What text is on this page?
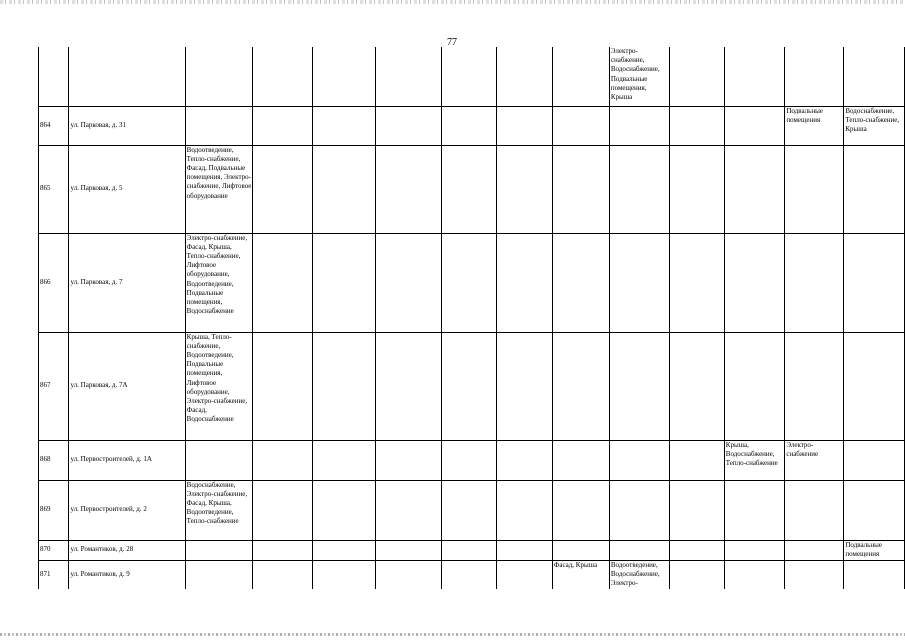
77
									Электро-снабжение, Водоснабжение, Подвальные помещения, Крыша				
864	ул. Парковая, д. 31											Подвальные помещения	Водоснабжение, Тепло-снабжение, Крыша
865	ул. Парковая, д. 5	Водоотведение, Тепло-снабжение, Фасад, Подвальные помещения, Электро-снабжение, Лифтовое оборудование											
866	ул. Парковая, д. 7	Электро-снабжение, Фасад, Крыша, Тепло-снабжение, Лифтовое оборудование, Водоотведение, Подвальные помещения, Водоснабжение											
867	ул. Парковая, д. 7А	Крыша, Тепло-снабжение, Водоотведение, Подвальные помещения, Лифтовое оборудование, Электро-снабжение, Фасад, Водоснабжение											
868	ул. Первостроителей, д. 1А										Крыша, Водоснабжение, Тепло-снабжение	Электро-снабжение	
869	ул. Первостроителей, д. 2	Водоснабжение, Электро-снабжение, Фасад, Крыша, Водоотведение, Тепло-снабжение											
870	ул. Романтиков, д. 28												Подвальные помещения
871	ул. Романтиков, д. 9							Фасад, Крыша	Водоотведение, Водоснабжение, Электро-				
